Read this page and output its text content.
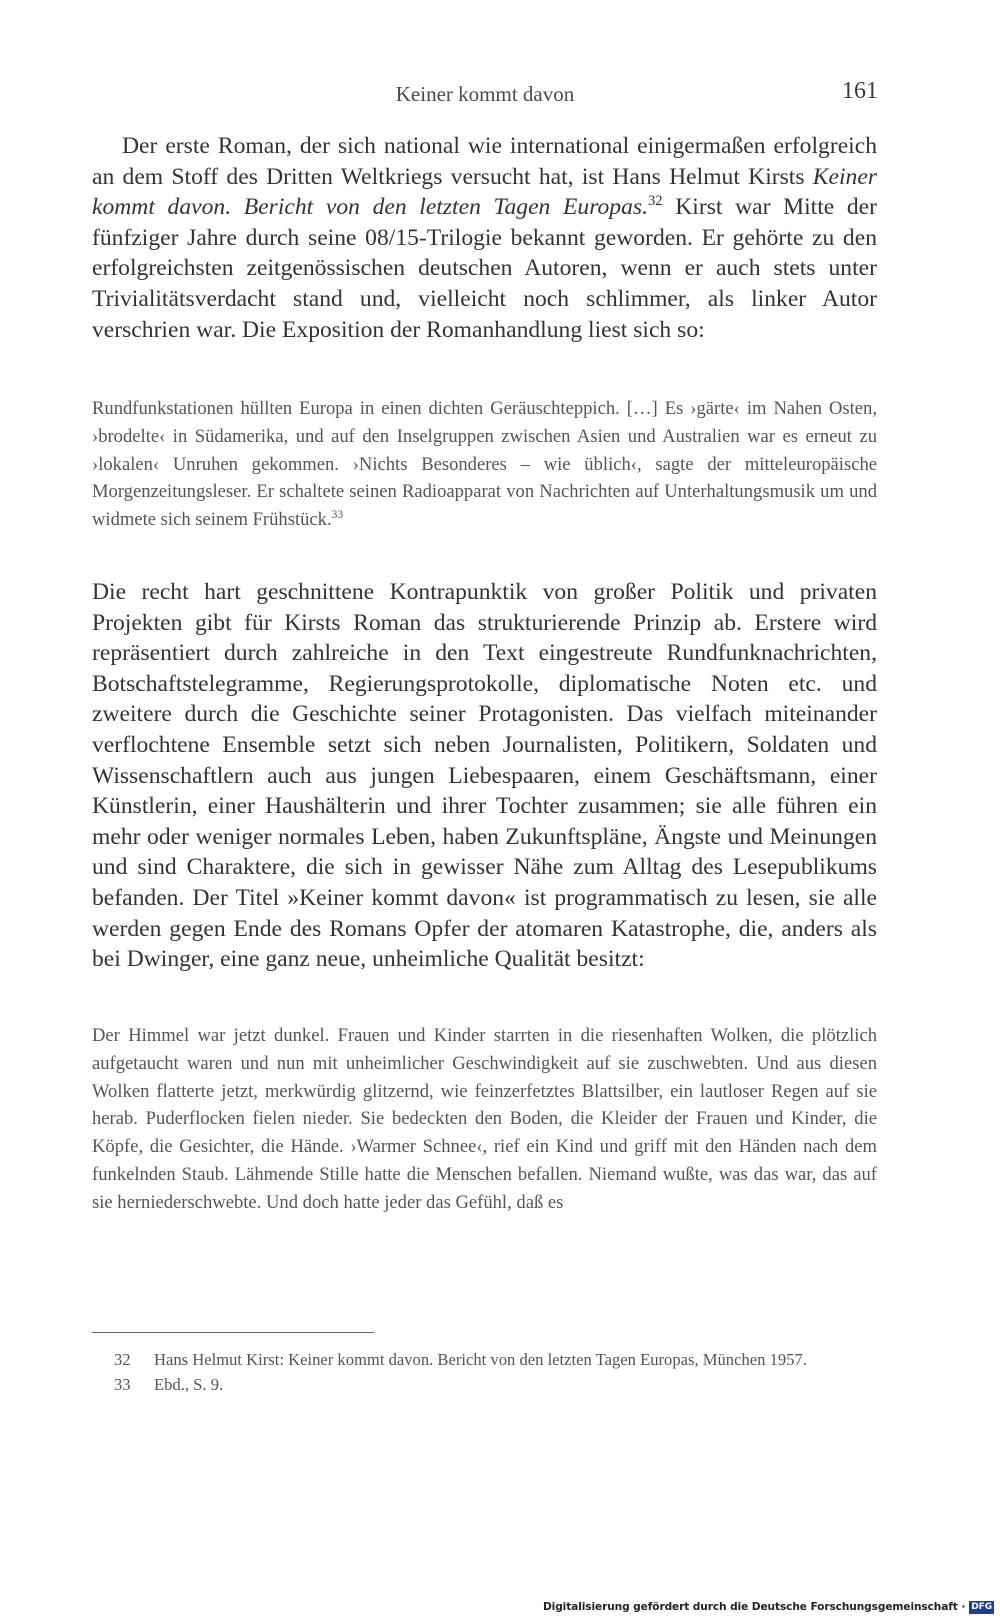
Keiner kommt davon	161

Der erste Roman, der sich national wie international einigermaßen erfolgreich an dem Stoff des Dritten Weltkriegs versucht hat, ist Hans Helmut Kirsts Keiner kommt davon. Bericht von den letzten Tagen Europas.$^{32}$ Kirst war Mitte der fünfziger Jahre durch seine 08/15-Trilogie bekannt geworden. Er gehörte zu den erfolgreichsten zeitgenössischen deutschen Autoren, wenn er auch stets unter Trivialitätsverdacht stand und, vielleicht noch schlimmer, als linker Autor verschrien war. Die Exposition der Romanhandlung liest sich so:

Rundfunkstationen hüllten Europa in einen dichten Geräuschteppich. […] Es ›gärte‹ im Nahen Osten, ›brodelte‹ in Südamerika, und auf den Inselgruppen zwischen Asien und Australien war es erneut zu ›lokalen‹ Unruhen gekommen. ›Nichts Besonderes – wie üblich‹, sagte der mitteleuropäische Morgenzeitungsleser. Er schaltete seinen Radioapparat von Nachrichten auf Unterhaltungsmusik um und widmete sich seinem Frühstück.$^{33}$

Die recht hart geschnittene Kontrapunktik von großer Politik und privaten Projekten gibt für Kirsts Roman das strukturierende Prinzip ab. Erstere wird repräsentiert durch zahlreiche in den Text eingestreute Rundfunknachrichten, Botschaftstelegramme, Regierungsprotokolle, diplomatische Noten etc. und zweitere durch die Geschichte seiner Protagonisten. Das vielfach miteinander verflochtene Ensemble setzt sich neben Journalisten, Politikern, Soldaten und Wissenschaftlern auch aus jungen Liebespaaren, einem Geschäftsmann, einer Künstlerin, einer Haushälterin und ihrer Tochter zusammen; sie alle führen ein mehr oder weniger normales Leben, haben Zukunftspläne, Ängste und Meinungen und sind Charaktere, die sich in gewisser Nähe zum Alltag des Lesepublikums befanden. Der Titel »Keiner kommt davon« ist programmatisch zu lesen, sie alle werden gegen Ende des Romans Opfer der atomaren Katastrophe, die, anders als bei Dwinger, eine ganz neue, unheimliche Qualität besitzt:

Der Himmel war jetzt dunkel. Frauen und Kinder starrten in die riesenhaften Wolken, die plötzlich aufgetaucht waren und nun mit unheimlicher Geschwindigkeit auf sie zuschwebten. Und aus diesen Wolken flatterte jetzt, merkwürdig glitzernd, wie feinzerfetztes Blattsilber, ein lautloser Regen auf sie herab. Puderflocken fielen nieder. Sie bedeckten den Boden, die Kleider der Frauen und Kinder, die Köpfe, die Gesichter, die Hände. ›Warmer Schnee‹, rief ein Kind und griff mit den Händen nach dem funkelnden Staub. Lähmende Stille hatte die Menschen befallen. Niemand wußte, was das war, das auf sie herniederschwebte. Und doch hatte jeder das Gefühl, daß es

32 Hans Helmut Kirst: Keiner kommt davon. Bericht von den letzten Tagen Europas, München 1957.
33 Ebd., S. 9.
Digitalisierung gefördert durch die Deutsche Forschungsgemeinschaft · DFG
